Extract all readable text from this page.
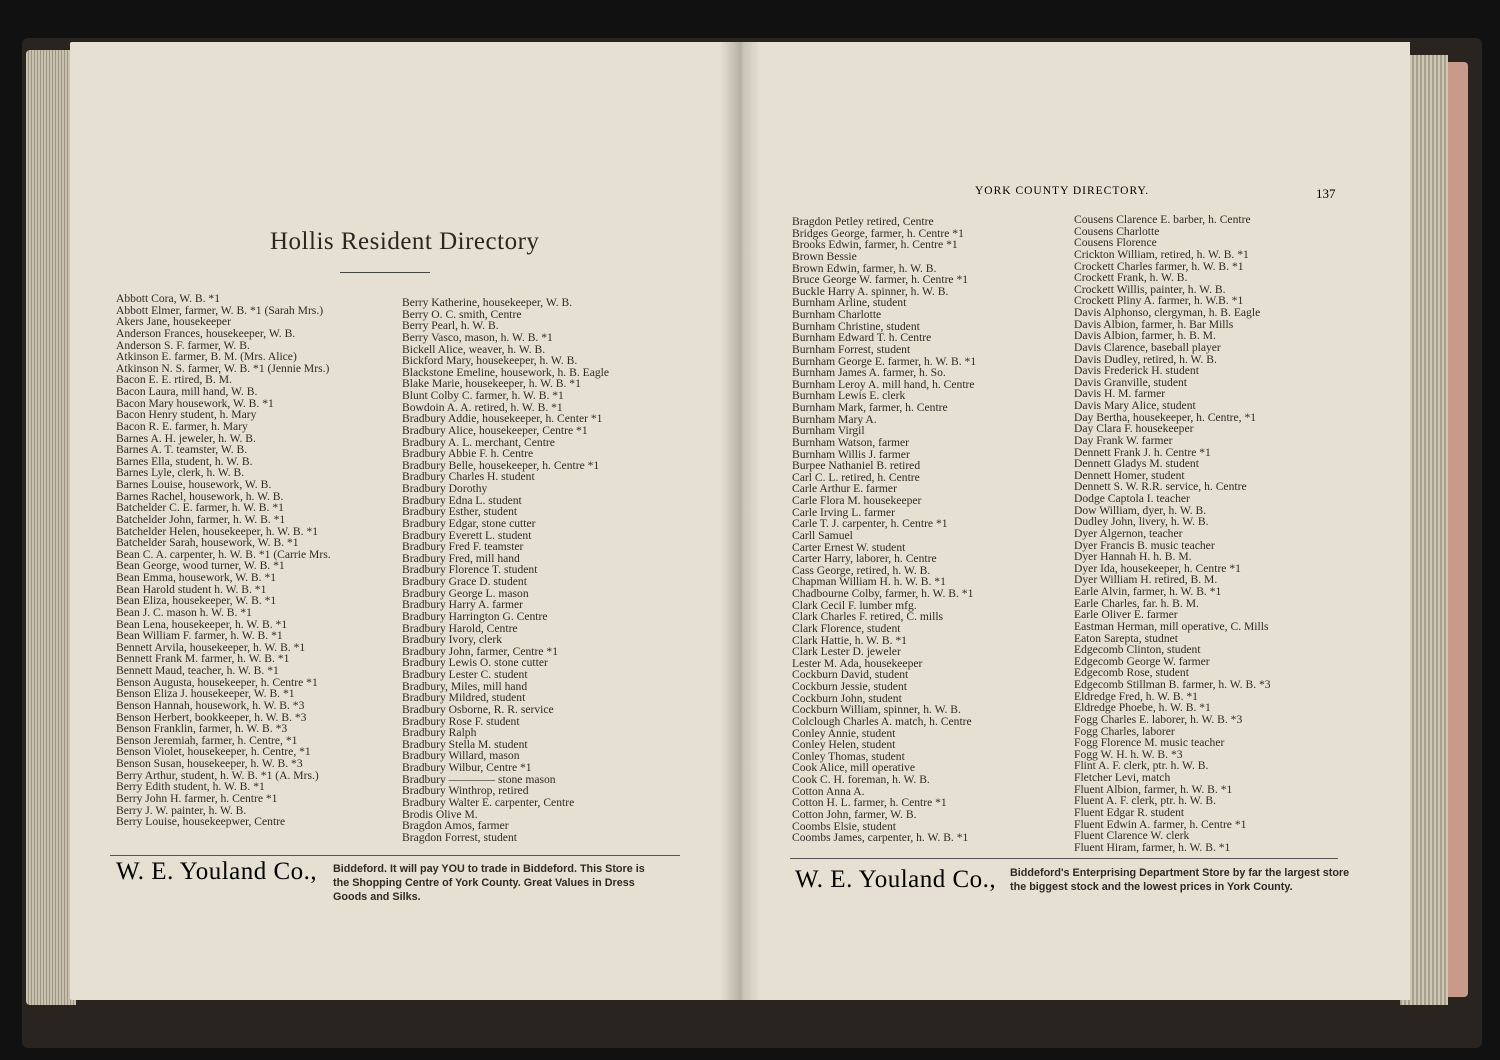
Hollis Resident Directory
Abbott Cora, W. B. *1
Abbott Elmer, farmer, W. B. *1 (Sarah Mrs.)
Akers Jane, housekeeper
Anderson Frances, housekeeper, W. B.
Anderson S. F. farmer, W. B.
Atkinson E. farmer, B. M. (Mrs. Alice)
Atkinson N. S. farmer, W. B. *1 (Jennie Mrs.)
Bacon E. E. rtired, B. M.
Bacon Laura, mill hand, W. B.
Bacon Mary housework, W. B. *1
Bacon Henry student, h. Mary
Bacon R. E. farmer, h. Mary
Barnes A. H. jeweler, h. W. B.
Barnes A. T. teamster, W. B.
Barnes Ella, student, h. W. B.
Barnes Lyle, clerk, h. W. B.
Barnes Louise, housework, W. B.
Barnes Rachel, housework, h. W. B.
Batchelder C. E. farmer, h. W. B. *1
Batchelder John, farmer, h. W. B. *1
Batchelder Helen, housekeeper, h. W. B. *1
Batchelder Sarah, housework, W. B. *1
Bean C. A. carpenter, h. W. B. *1 (Carrie Mrs.
Bean George, wood turner, W. B. *1
Bean Emma, housework, W. B. *1
Bean Harold student h. W. B. *1
Bean Eliza, housekeeper, W. B. *1
Bean J. C. mason h. W. B. *1
Bean Lena, housekeeper, h. W. B. *1
Bean William F. farmer, h. W. B. *1
Bennett Arvila, housekeeper, h. W. B. *1
Bennett Frank M. farmer, h. W. B. *1
Bennett Maud, teacher, h. W. B. *1
Benson Augusta, housekeeper, h. Centre *1
Benson Eliza J. housekeeper, W. B. *1
Benson Hannah, housework, h. W. B. *3
Benson Herbert, bookkeeper, h. W. B. *3
Benson Franklin, farmer, h. W. B. *3
Benson Jeremiah, farmer, h. Centre, *1
Benson Violet, housekeeper, h. Centre, *1
Benson Susan, housekeeper, h. W. B. *3
Berry Arthur, student, h. W. B. *1 (A. Mrs.)
Berry Edith student, h. W. B. *1
Berry John H. farmer, h. Centre *1
Berry J. W. painter, h. W. B.
Berry Louise, housekeepwer, Centre
Berry Katherine, housekeeper, W. B.
Berry O. C. smith, Centre
Berry Pearl, h. W. B.
Berry Vasco, mason, h. W. B. *1
Bickell Alice, weaver, h. W. B.
Bickford Mary, housekeeper, h. W. B.
Blackstone Emeline, housework, h. B. Eagle
Blake Marie, housekeeper, h. W. B. *1
Blunt Colby C. farmer, h. W. B. *1
Bowdoin A. A. retired, h. W. B. *1
Bradbury Addie, housekeeper, h. Center *1
Bradbury Alice, housekeeper, Centre *1
Bradbury A. L. merchant, Centre
Bradbury Abbie F. h. Centre
Bradbury Belle, housekeeper, h. Centre *1
Bradbury Charles H. student
Bradbury Dorothy
Bradbury Edna L. student
Bradbury Esther, student
Bradbury Edgar, stone cutter
Bradbury Everett L. student
Bradbury Fred F. teamster
Bradbury Fred, mill hand
Bradbury Florence T. student
Bradbury Grace D. student
Bradbury George L. mason
Bradbury Harry A. farmer
Bradbury Harrington G. Centre
Bradbury Harold, Centre
Bradbury Ivory, clerk
Bradbury John, farmer, Centre *1
Bradbury Lewis O. stone cutter
Bradbury Lester C. student
Bradbury, Miles, mill hand
Bradbury Mildred, student
Bradbury Osborne, R. R. service
Bradbury Rose F. student
Bradbury Ralph
Bradbury Stella M. student
Bradbury Willard, mason
Bradbury Wilbur, Centre *1
Bradbury ———— stone mason
Bradbury Winthrop, retired
Bradbury Walter E. carpenter, Centre
Brodis Olive M.
Bragdon Amos, farmer
Bragdon Forrest, student
YORK COUNTY DIRECTORY.	137
Bragdon Petley retired, Centre
Bridges George, farmer, h. Centre *1
Brooks Edwin, farmer, h. Centre *1
Brown Bessie
Brown Edwin, farmer, h. W. B.
Bruce George W. farmer, h. Centre *1
Buckle Harry A. spinner, h. W. B.
Burnham Arline, student
Burnham Charlotte
Burnham Christine, student
Burnham Edward T. h. Centre
Burnham Forrest, student
Burnham George E. farmer, h. W. B. *1
Burnham James A. farmer, h. So.
Burnham Leroy A. mill hand, h. Centre
Burnham Lewis E. clerk
Burnham Mark, farmer, h. Centre
Burnham Mary A.
Burnham Virgil
Burnham Watson, farmer
Burnham Willis J. farmer
Burpee Nathaniel B. retired
Carl C. L. retired, h. Centre
Carle Arthur E. farmer
Carle Flora M. housekeeper
Carle Irving L. farmer
Carle T. J. carpenter, h. Centre *1
Carll Samuel
Carter Ernest W. student
Carter Harry, laborer, h. Centre
Cass George, retired, h. W. B.
Chapman William H. h. W. B. *1
Chadbourne Colby, farmer, h. W. B. *1
Clark Cecil F. lumber mfg.
Clark Charles F. retired, C. mills
Clark Florence, student
Clark Hattie, h. W. B. *1
Clark Lester D. jeweler
Lester M. Ada, housekeeper
Cockburn David, student
Cockburn Jessie, student
Cockburn John, student
Cockburn William, spinner, h. W. B.
Colclough Charles A. match, h. Centre
Conley Annie, student
Conley Helen, student
Conley Thomas, student
Cook Alice, mill operative
Cook C. H. foreman, h. W. B.
Cotton Anna A.
Cotton H. L. farmer, h. Centre *1
Cotton John, farmer, W. B.
Coombs Elsie, student
Coombs James, carpenter, h. W. B. *1
Cousens Clarence E. barber, h. Centre
Cousens Charlotte
Cousens Florence
Crickton William, retired, h. W. B. *1
Crockett Charles farmer, h. W. B. *1
Crockett Frank, h. W. B.
Crockett Willis, painter, h. W. B.
Crockett Pliny A. farmer, h. W.B. *1
Davis Alphonso, clergyman, h. B. Eagle
Davis Albion, farmer, h. Bar Mills
Davis Albion, farmer, h. B. M.
Davis Clarence, baseball player
Davis Dudley, retired, h. W. B.
Davis Frederick H. student
Davis Granville, student
Davis H. M. farmer
Davis Mary Alice, student
Day Bertha, housekeeper, h. Centre, *1
Day Clara F. housekeeper
Day Frank W. farmer
Dennett Frank J. h. Centre *1
Dennett Gladys M. student
Dennett Homer, student
Dennett S. W. R.R. service, h. Centre
Dodge Captola I. teacher
Dow William, dyer, h. W. B.
Dudley John, livery, h. W. B.
Dyer Algernon, teacher
Dyer Francis B. music teacher
Dyer Hannah H. h. B. M.
Dyer Ida, housekeeper, h. Centre *1
Dyer William H. retired, B. M.
Earle Alvin, farmer, h. W. B. *1
Earle Charles, far. h. B. M.
Earle Oliver E. farmer
Eastman Herman, mill operative, C. Mills
Eaton Sarepta, studnet
Edgecomb Clinton, student
Edgecomb George W. farmer
Edgecomb Rose, student
Edgecomb Stillman B. farmer, h. W. B. *3
Eldredge Fred, h. W. B. *1
Eldredge Phoebe, h. W. B. *1
Fogg Charles E. laborer, h. W. B. *3
Fogg Charles, laborer
Fogg Florence M. music teacher
Fogg W. H. h. W. B. *3
Flint A. F. clerk, ptr. h. W. B.
Fletcher Levi, match
Fluent Albion, farmer, h. W. B. *1
Fluent A. F. clerk, ptr. h. W. B.
Fluent Edgar R. student
Fluent Edwin A. farmer, h. Centre *1
Fluent Clarence W. clerk
Fluent Hiram, farmer, h. W. B. *1
W. E. Youland Co., Biddeford. It will pay YOU to trade in Biddeford. This Store is
the Shopping Centre of York County. Great Values in Dress
Goods and Silks.
W. E. Youland Co., Biddeford's Enterprising Department Store by far the largest store
the biggest stock and the lowest prices in York County.
